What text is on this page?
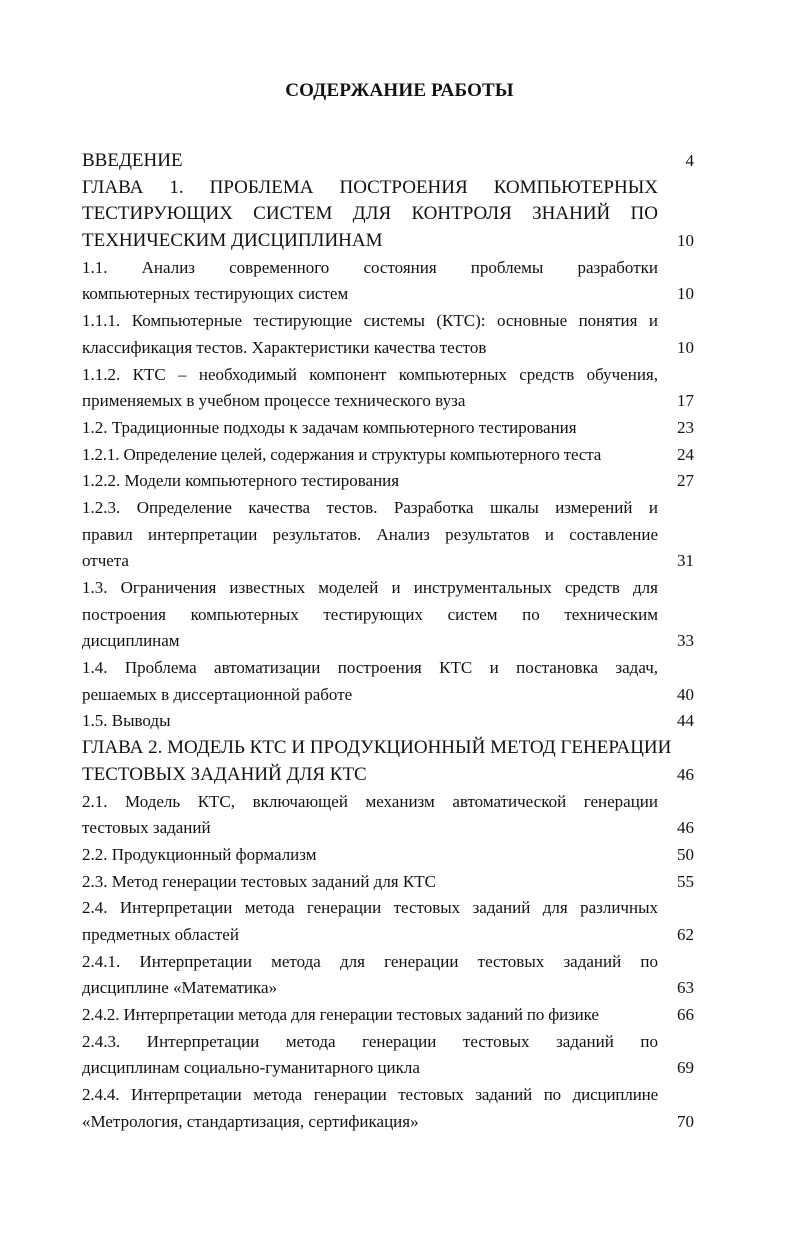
СОДЕРЖАНИЕ РАБОТЫ
ВВЕДЕНИЕ	4
ГЛАВА 1. ПРОБЛЕМА ПОСТРОЕНИЯ КОМПЬЮТЕРНЫХ
ТЕСТИРУЮЩИХ СИСТЕМ ДЛЯ КОНТРОЛЯ ЗНАНИЙ ПО
ТЕХНИЧЕСКИМ ДИСЦИПЛИНАМ	10
1.1. Анализ современного состояния проблемы разработки
компьютерных тестирующих систем	10
1.1.1. Компьютерные тестирующие системы (КТС): основные понятия и
классификация тестов. Характеристики качества тестов	10
1.1.2. КТС – необходимый компонент компьютерных средств обучения,
применяемых в учебном процессе технического вуза	17
1.2. Традиционные подходы к задачам компьютерного тестирования	23
1.2.1. Определение целей, содержания и структуры компьютерного теста	24
1.2.2. Модели компьютерного тестирования	27
1.2.3. Определение качества тестов. Разработка шкалы измерений и
правил интерпретации результатов. Анализ результатов и составление
отчета	31
1.3. Ограничения известных моделей и инструментальных средств для
построения компьютерных тестирующих систем по техническим
дисциплинам	33
1.4. Проблема автоматизации построения КТС и постановка задач,
решаемых в диссертационной работе	40
1.5. Выводы	44
ГЛАВА 2. МОДЕЛЬ КТС И ПРОДУКЦИОННЫЙ МЕТОД ГЕНЕРАЦИИ
ТЕСТОВЫХ ЗАДАНИЙ ДЛЯ КТС	46
2.1. Модель КТС, включающей механизм автоматической генерации
тестовых заданий	46
2.2. Продукционный формализм	50
2.3. Метод генерации тестовых заданий для КТС	55
2.4. Интерпретации метода генерации тестовых заданий для различных
предметных областей	62
2.4.1. Интерпретации метода для генерации тестовых заданий по
дисциплине «Математика»	63
2.4.2. Интерпретации метода для генерации тестовых заданий по физике	66
2.4.3. Интерпретации метода генерации тестовых заданий по
дисциплинам социально-гуманитарного цикла	69
2.4.4. Интерпретации метода генерации тестовых заданий по дисциплине
«Метрология, стандартизация, сертификация»	70
